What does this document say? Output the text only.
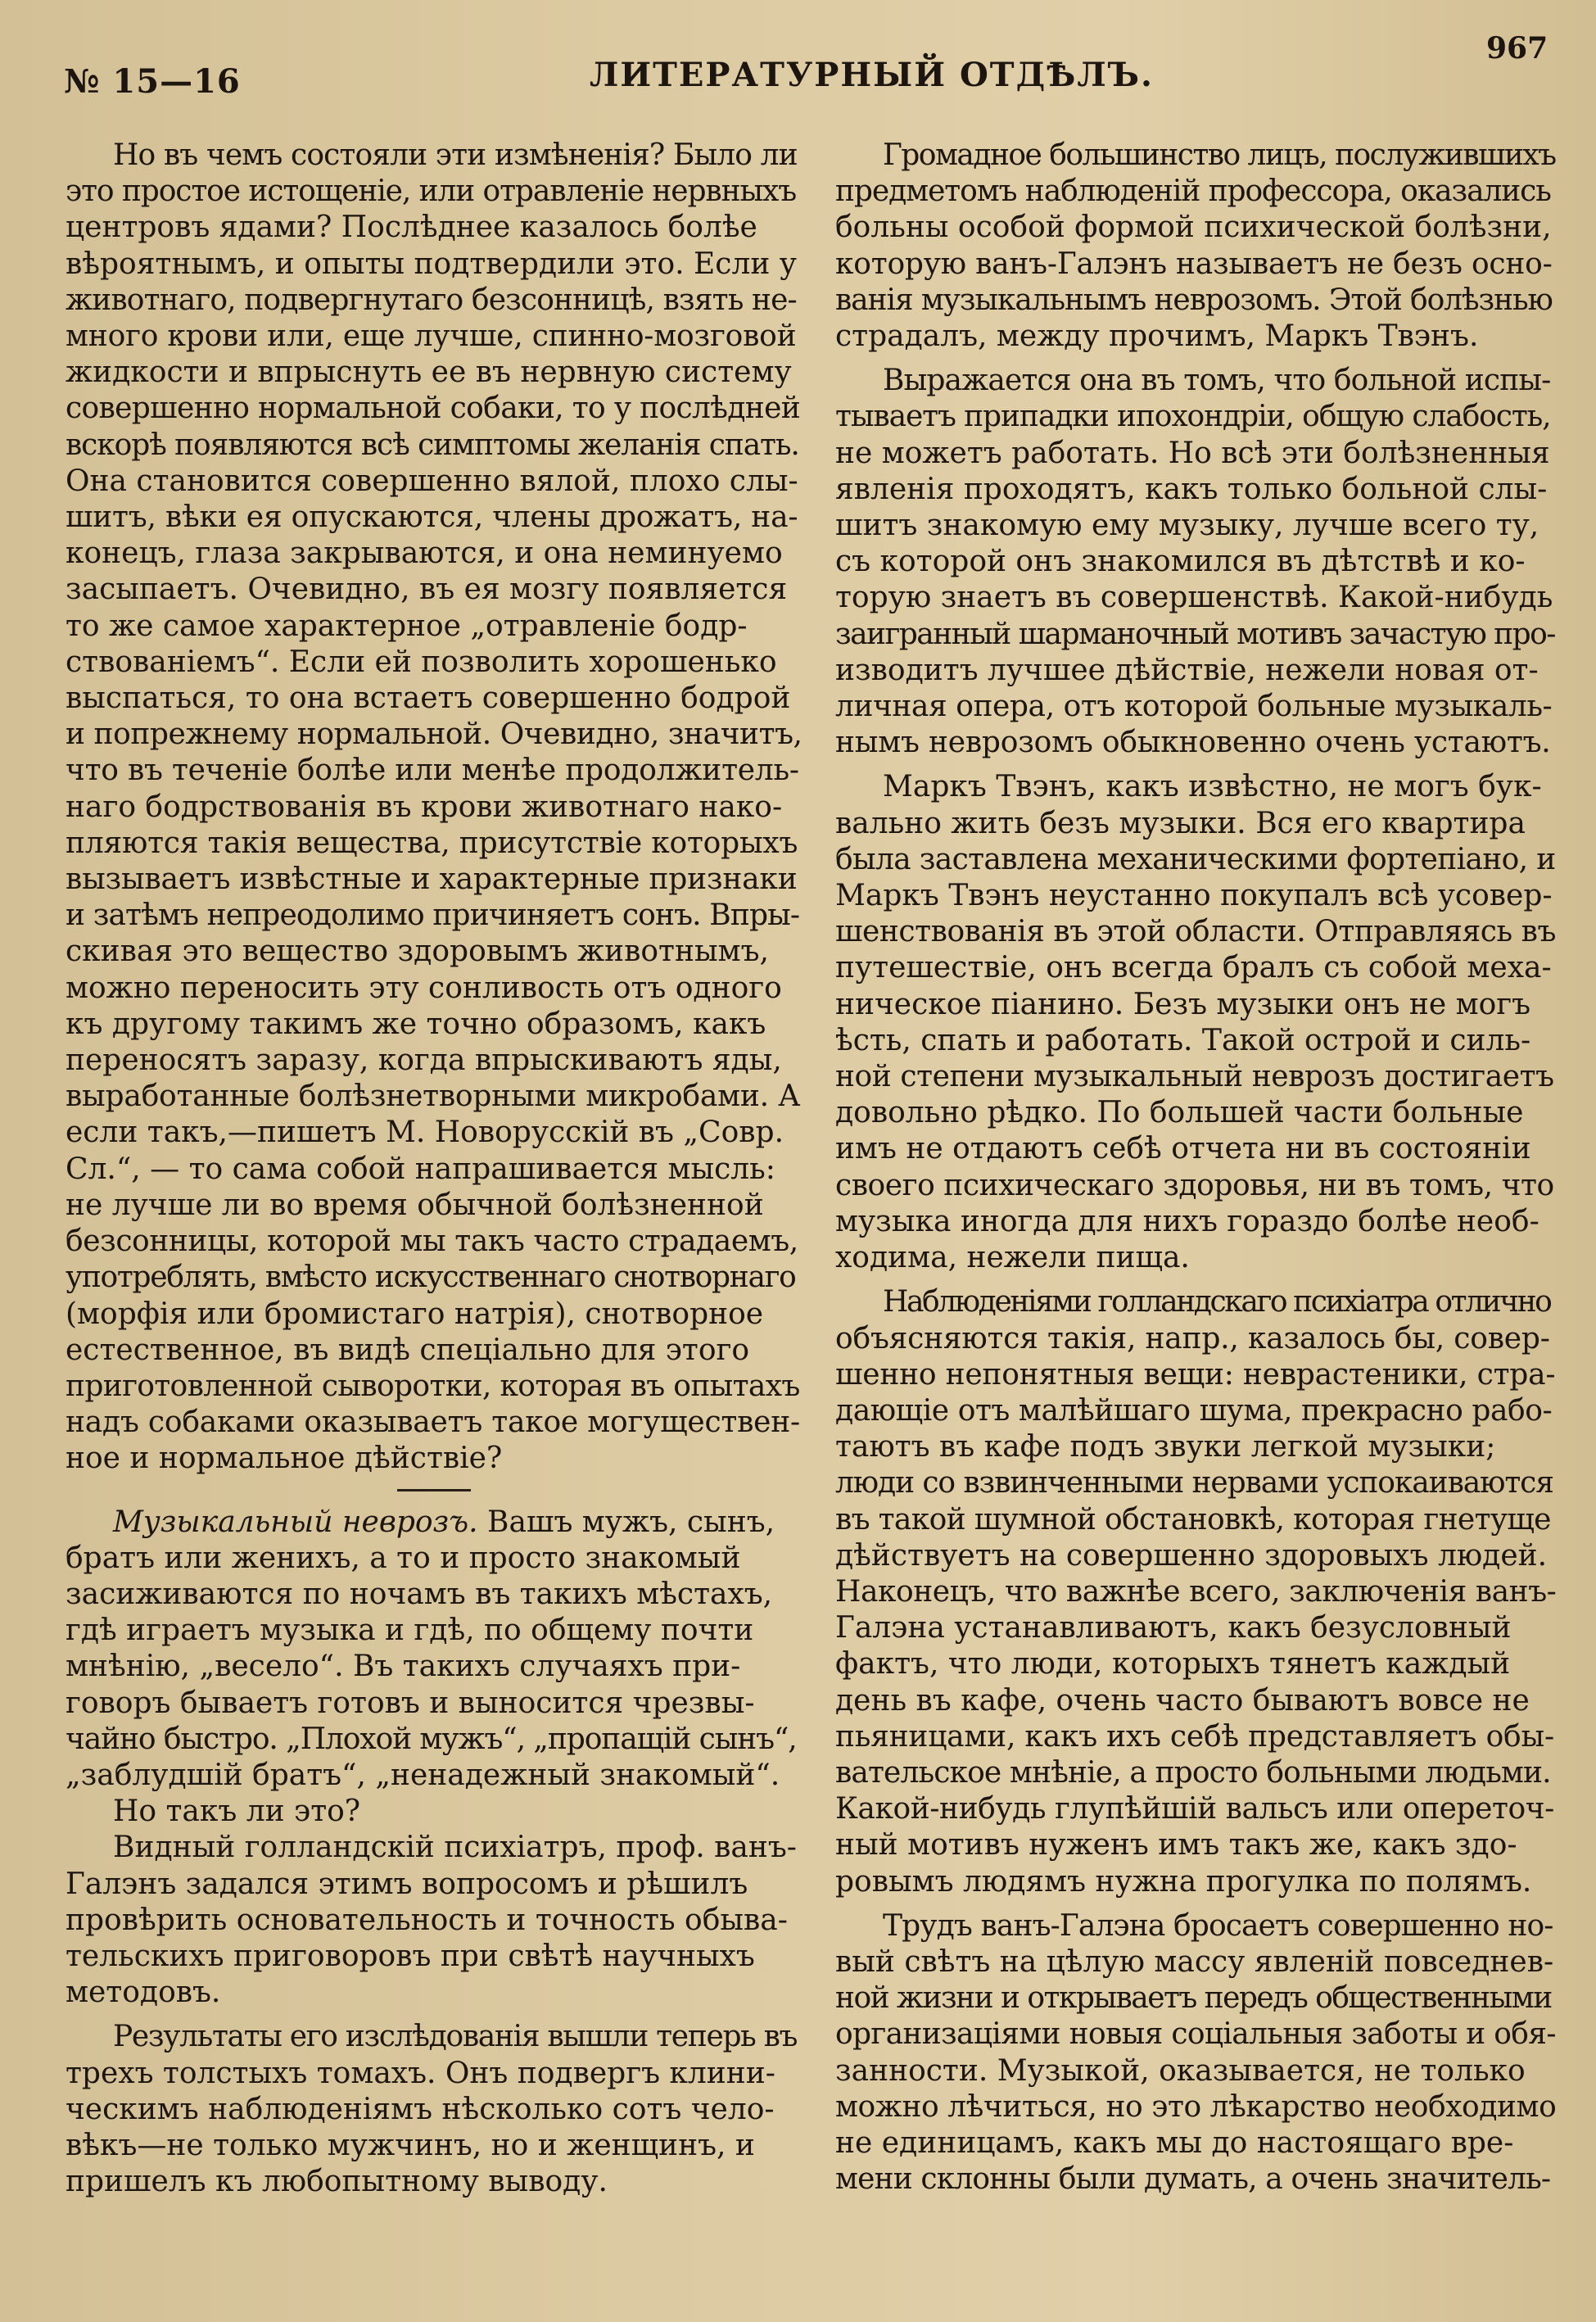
№ 15—16	ЛИТЕРАТУРНЫЙ ОТДѢЛЪ.
967
Но въ чемъ состояли эти измѣненія? Было ли
это простое истощеніе, или отравленіе нервныхъ
центровъ ядами? Послѣднее казалось болѣе
вѣроятнымъ, и опыты подтвердили это. Если у
животнаго, подвергнутаго безсонницѣ, взять не-
много крови или, еще лучше, спинно-мозговой
жидкости и впрыснуть ее въ нервную систему
совершенно нормальной собаки, то у послѣдней
вскорѣ появляются всѣ симптомы желанія спать.
Она становится совершенно вялой, плохо слы-
шитъ, вѣки ея опускаются, члены дрожатъ, на-
конецъ, глаза закрываются, и она неминуемо
засыпаетъ. Очевидно, въ ея мозгу появляется
то же самое характерное „отравленіе бодр-
ствованіемъ“. Если ей позволить хорошенько
выспаться, то она встаетъ совершенно бодрой
и попрежнему нормальной. Очевидно, значитъ,
что въ теченіе болѣе или менѣе продолжитель-
наго бодрствованія въ крови животнаго нако-
пляются такія вещества, присутствіе которыхъ
вызываетъ извѣстные и характерные признаки
и затѣмъ непреодолимо причиняетъ сонъ. Впры-
скивая это вещество здоровымъ животнымъ,
можно переносить эту сонливость отъ одного
къ другому такимъ же точно образомъ, какъ
переносятъ заразу, когда впрыскиваютъ яды,
выработанные болѣзнетворными микробами. А
если такъ,—пишетъ М. Новорусскій въ „Совр.
Сл.“, — то сама собой напрашивается мысль:
не лучше ли во время обычной болѣзненной
безсонницы, которой мы такъ часто страдаемъ,
употреблять, вмѣсто искусственнаго снотворнаго
(морфія или бромистаго натрія), снотворное
естественное, въ видѣ спеціально для этого
приготовленной сыворотки, которая въ опытахъ
надъ собаками оказываетъ такое могуществен-
ное и нормальное дѣйствіе?
Музыкальный неврозъ. Вашъ мужъ, сынъ,
братъ или женихъ, а то и просто знакомый
засиживаются по ночамъ въ такихъ мѣстахъ,
гдѣ играетъ музыка и гдѣ, по общему почти
мнѣнію, „весело“. Въ такихъ случаяхъ при-
говоръ бываетъ готовъ и выносится чрезвы-
чайно быстро. „Плохой мужъ“, „пропащій сынъ“,
„заблудшій братъ“, „ненадежный знакомый“.
Но такъ ли это?
Видный голландскій психіатръ, проф. ванъ-
Галэнъ задался этимъ вопросомъ и рѣшилъ
провѣрить основательность и точность обыва-
тельскихъ приговоровъ при свѣтѣ научныхъ
методовъ.
Результаты его изслѣдованія вышли теперь въ
трехъ толстыхъ томахъ. Онъ подвергъ клини-
ческимъ наблюденіямъ нѣсколько сотъ чело-
вѣкъ—не только мужчинъ, но и женщинъ, и
пришелъ къ любопытному выводу.
Громадное большинство лицъ, послужившихъ
предметомъ наблюденій профессора, оказались
больны особой формой психической болѣзни,
которую ванъ-Галэнъ называетъ не безъ осно-
ванія музыкальнымъ неврозомъ. Этой болѣзнью
страдалъ, между прочимъ, Маркъ Твэнъ.
Выражается она въ томъ, что больной испы-
тываетъ припадки ипохондріи, общую слабость,
не можетъ работать. Но всѣ эти болѣзненныя
явленія проходятъ, какъ только больной слы-
шитъ знакомую ему музыку, лучше всего ту,
съ которой онъ знакомился въ дѣтствѣ и ко-
торую знаетъ въ совершенствѣ. Какой-нибудь
заигранный шарманочный мотивъ зачастую про-
изводитъ лучшее дѣйствіе, нежели новая от-
личная опера, отъ которой больные музыкаль-
нымъ неврозомъ обыкновенно очень устаютъ.
Маркъ Твэнъ, какъ извѣстно, не могъ бук-
вально жить безъ музыки. Вся его квартира
была заставлена механическими фортепіано, и
Маркъ Твэнъ неустанно покупалъ всѣ усовер-
шенствованія въ этой области. Отправляясь въ
путешествіе, онъ всегда бралъ съ собой меха-
ническое піанино. Безъ музыки онъ не могъ
ѣсть, спать и работать. Такой острой и силь-
ной степени музыкальный неврозъ достигаетъ
довольно рѣдко. По большей части больные
имъ не отдаютъ себѣ отчета ни въ состояніи
своего психическаго здоровья, ни въ томъ, что
музыка иногда для нихъ гораздо болѣе необ-
ходима, нежели пища.
Наблюденіями голландскаго психіатра отлично
объясняются такія, напр., казалось бы, совер-
шенно непонятныя вещи: неврастеники, стра-
дающіе отъ малѣйшаго шума, прекрасно рабо-
таютъ въ кафе подъ звуки легкой музыки;
люди со взвинченными нервами успокаиваются
въ такой шумной обстановкѣ, которая гнетуще
дѣйствуетъ на совершенно здоровыхъ людей.
Наконецъ, что важнѣе всего, заключенія ванъ-
Галэна устанавливаютъ, какъ безусловный
фактъ, что люди, которыхъ тянетъ каждый
день въ кафе, очень часто бываютъ вовсе не
пьяницами, какъ ихъ себѣ представляетъ обы-
вательское мнѣніе, а просто больными людьми.
Какой-нибудь глупѣйшій вальсъ или опереточ-
ный мотивъ нуженъ имъ такъ же, какъ здо-
ровымъ людямъ нужна прогулка по полямъ.
Трудъ ванъ-Галэна бросаетъ совершенно но-
вый свѣтъ на цѣлую массу явленій повседнев-
ной жизни и открываетъ передъ общественными
организаціями новыя соціальныя заботы и обя-
занности. Музыкой, оказывается, не только
можно лѣчиться, но это лѣкарство необходимо
не единицамъ, какъ мы до настоящаго вре-
мени склонны были думать, а очень значитель-
